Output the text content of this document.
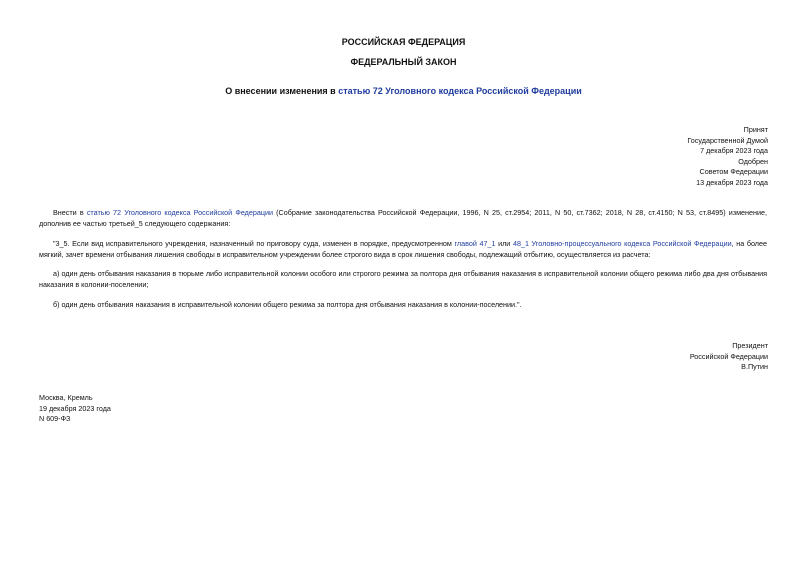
РОССИЙСКАЯ ФЕДЕРАЦИЯ
ФЕДЕРАЛЬНЫЙ ЗАКОН
О внесении изменения в статью 72 Уголовного кодекса Российской Федерации
Принят
Государственной Думой
7 декабря 2023 года
Одобрен
Советом Федерации
13 декабря 2023 года

Внести в статью 72 Уголовного кодекса Российской Федерации (Собрание законодательства Российской Федерации, 1996, N 25, ст.2954; 2011, N 50, ст.7362; 2018, N 28, ст.4150; N 53, ст.8495) изменение, дополнив ее частью третьей_5 следующего содержания:

"3_5. Если вид исправительного учреждения, назначенный по приговору суда, изменен в порядке, предусмотренном главой 47_1 или 48_1 Уголовно-процессуального кодекса Российской Федерации, на более мягкий, зачет времени отбывания лишения свободы в исправительном учреждении более строгого вида в срок лишения свободы, подлежащий отбытию, осуществляется из расчета:

а) один день отбывания наказания в тюрьме либо исправительной колонии особого или строгого режима за полтора дня отбывания наказания в исправительной колонии общего режима либо два дня отбывания наказания в колонии-поселении;

б) один день отбывания наказания в исправительной колонии общего режима за полтора дня отбывания наказания в колонии-поселении.".

Президент
Российской Федерации
В.Путин
Москва, Кремль
19 декабря 2023 года
N 609-ФЗ
